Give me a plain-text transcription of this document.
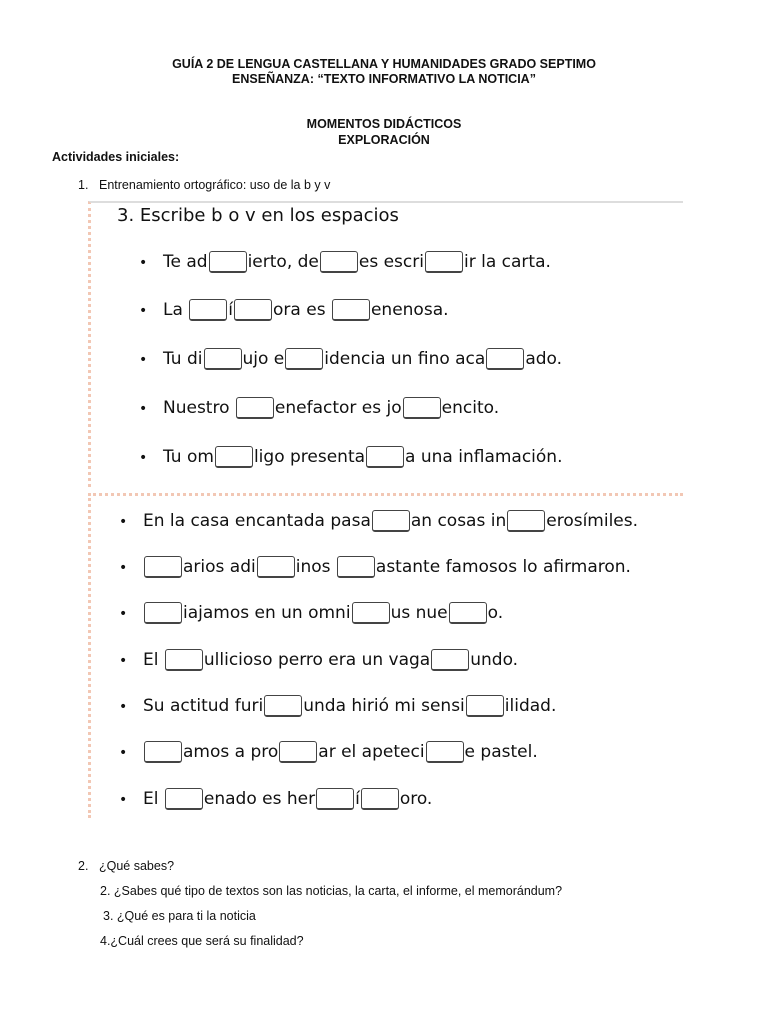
GUÍA 2 DE LENGUA CASTELLANA Y HUMANIDADES GRADO SEPTIMO
ENSEÑANZA: “TEXTO INFORMATIVO LA NOTICIA”
MOMENTOS DIDÁCTICOS
EXPLORACIÓN
Actividades iniciales:
1. Entrenamiento ortográfico: uso de la b y v
3. Escribe b o v en los espacios
• Te ad ierto, de es escri ir la carta.
• La í ora es enenosa.
• Tu di ujo e idencia un fino aca ado.
• Nuestro enefactor es jo encito.
• Tu om ligo presenta a una inflamación.
• En la casa encantada pasa an cosas in erosímiles.
•	arios adi inos astante famosos lo afirmaron.
•	iajamos en un omni us nue o.
• El ullicioso perro era un vaga undo.
• Su actitud furi unda hirió mi sensi ilidad.
•	amos a pro ar el apeteci e pastel.
• El enado es her í oro.
2. ¿Qué sabes?
2. ¿Sabes qué tipo de textos son las noticias, la carta, el informe, el memorándum?
3. ¿Qué es para ti la noticia
4.¿Cuál crees que será su finalidad?
